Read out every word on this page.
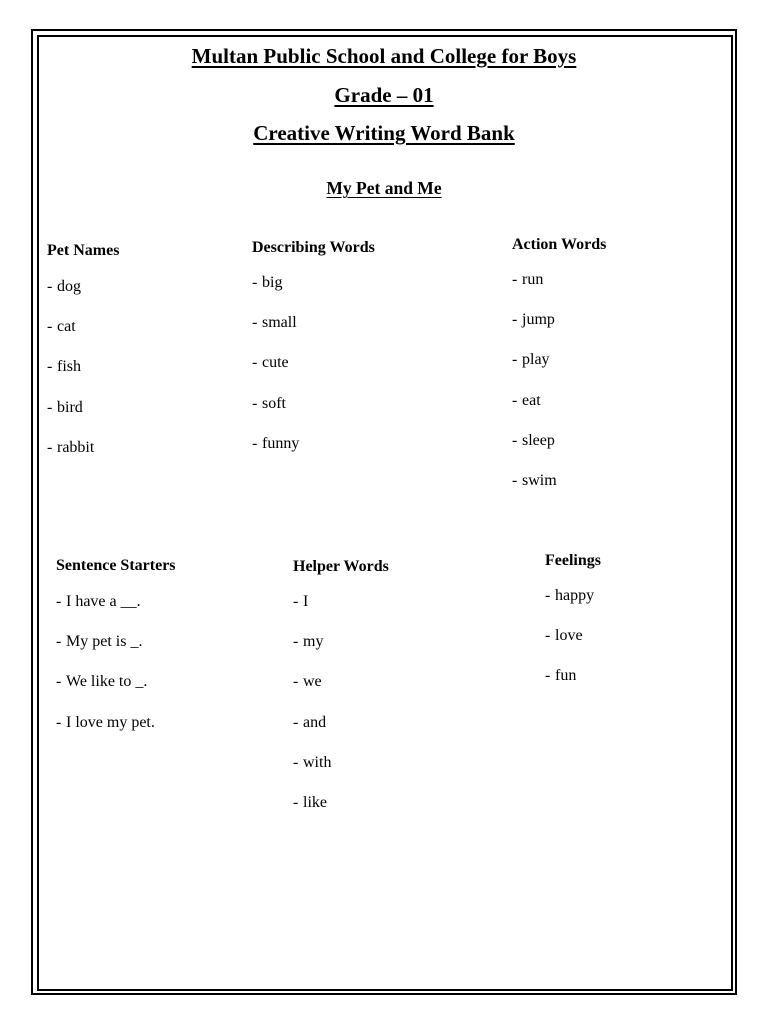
Multan Public School and College for Boys
Grade – 01
Creative Writing Word Bank
My Pet and Me
Pet Names
- dog
- cat
- fish
- bird
- rabbit
Describing Words
- big
- small
- cute
- soft
- funny
Action Words
- run
- jump
- play
- eat
- sleep
- swim
Sentence Starters
- I have a __.
- My pet is _.
- We like to _.
- I love my pet.
Helper Words
- I
- my
- we
- and
- with
- like
Feelings
- happy
- love
- fun
